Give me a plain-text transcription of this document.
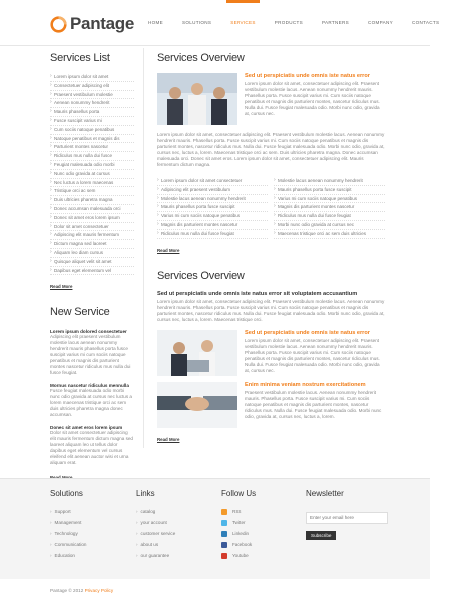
Pantage	HOME	SOLUTIONS	SERVICES	PRODUCTS	PARTNERS	COMPANY	CONTACTS
Services List
› Lorem ipsum dolor sit amet
› Consectetuer adipiscing elit
› Praesent vestibulum molestie
› Aenean nonummy hendrerit
› Mauris phasellus porta
› Fusce suscipit varius mi
› Cum sociis natoque penatibus
› Natoque penatibus et magnis dis
› Parturient montes nascetur
› Ridiculus mus nulla dui fusce
› Feugiat malesuada odio morbi
› Nunc odio gravida at cursus
› Nec luctus a lorem maecenas
› Tristique orci ac sem
› Duis ultricies pharetra magna
› Donec accumsan malesuada orci
› Donec sit amet eros lorem ipsum
› Dolor sit amet consectetuer
› Adipiscing elit mauris fermentum
› Dictum magna sed laoreet
› Aliquam leo diam cursus
› Quisque aliquet velit sit amet
› Dapibus eget elementum vel
Read More
New Service
Lorem ipsum dolored consectetuer
Adipiscing elit praesent vestibulum molestie lacus aenean nonummy hendrerit mauris phasellus porta fusce suscipit varius mi cum sociis natoque penatibus et magnis dis parturient montes nascetur ridiculus mus nulla dui fusce feugiat.
Mornus nascetur ridiculus mennulla
Fusce feugiat malesuada odio morbi nunc odio gravida at cursus nec luctus a lorem maecenas tristique orci ac sem duis ultricies pharetra magna donec accumsan.
Donec sit amet eros lorem ipsum
Dolor sit amet consectetuer adipiscing elit mauris fermentum dictum magna sed laoreet aliquam leo ut tellus dolor dapibus eget elementum vel cursus eleifend elit aenean auctor wisi et urna aliquam erat.
Services Overview
Sed ut perspiciatis unde omnis iste natus error
Lorem ipsum dolor sit amet, consectetuer adipiscing elit. Praesent vestibulum molestie lacus. Aenean nonummy hendrerit mauris. Phasellus porta. Fusce suscipit varius mi. Cum sociis natoque penatibus et magnis dis parturient montes, nascetur ridiculus mus. Nulla dui. Fusce feugiat malesuada odio. Morbi nunc odio, gravida at, cursus nec.
Lorem ipsum dolor sit amet, consectetuer adipiscing elit. Praesent vestibulum molestie lacus. Aenean nonummy hendrerit mauris. Phasellus porta. Fusce suscipit varius mi. Cum sociis natoque penatibus et magnis dis parturient montes, nascetur ridiculus mus. Nulla dui. Fusce feugiat malesuada odio. Morbi nunc odio, gravida at, cursus nec, luctus a, lorem. Maecenas tristique orci ac sem. Duis ultricies pharetra magna. Donec accumsan malesuada orci. Donec sit amet eros. Lorem ipsum dolor sit amet, consectetuer adipiscing elit. Mauris fermentum dictum magna.
› Lorem ipsum dolor sit amet consectetuer
› Adipiscing elit praesent vestibulum
› Molestie lacus aenean nonummy hendrerit
› Mauris phasellus porta fusce suscipit
› Varius mi cum sociis natoque penatibus
› Magnis dis parturient montes nascetur
› Ridiculus mus nulla dui fusce feugiat
› Molestie lacus aenean nonummy hendrerit
› Mauris phasellus porta fusce suscipit
› Varius mi cum sociis natoque penatibus
› Magnis dis parturient montes nascetur
› Ridiculus mus nulla dui fusce feugiat
› Morbi nunc odio gravida at cursus nec
› Maecenas tristique orci ac sem duis ultricies
Read More
Services Overview
Sed ut perspiciatis unde omnis iste natus error sit voluptatem accusantium
Lorem ipsum dolor sit amet, consectetuer adipiscing elit. Praesent vestibulum molestie lacus. Aenean nonummy hendrerit mauris. Phasellus porta. Fusce suscipit varius mi. Cum sociis natoque penatibus et magnis dis parturient montes, nascetur ridiculus mus. Nulla dui. Fusce feugiat malesuada odio. Morbi nunc odio, gravida at, cursus nec, luctus a, lorem. Maecenas tristique orci.
Sed ut perspiciatis unde omnis iste natus error
Lorem ipsum dolor sit amet, consectetuer adipiscing elit. Praesent vestibulum molestie lacus. Aenean nonummy hendrerit mauris. Phasellus porta. Fusce suscipit varius mi. Cum sociis natoque penatibus et magnis dis parturient montes, nascetur ridiculus mus. Nulla dui. Fusce feugiat malesuada odio. Morbi nunc odio, gravida at, cursus nec.
Enim minima veniam nostrum exercitationem
Praesent vestibulum molestie lacus. Aenean nonummy hendrerit mauris. Phasellus porta. Fusce suscipit varius mi. Cum sociis natoque penatibus et magnis dis parturient montes, nascetur ridiculus mus. Nulla dui. Fusce feugiat malesuada odio. Morbi nunc odio, gravida at, cursus nec, luctus a, lorem.
Read More
Solutions
› Support
› Management
› Technology
› Communication
› Education
Links
› catalog
› your account
› customer service
› about us
› our guarantee
Follow Us
RSS
Twitter
Linkedin
Facebook
Youtube
Newsletter
Enter your email here
Subscribe
Pantage © 2012 Privacy Policy
